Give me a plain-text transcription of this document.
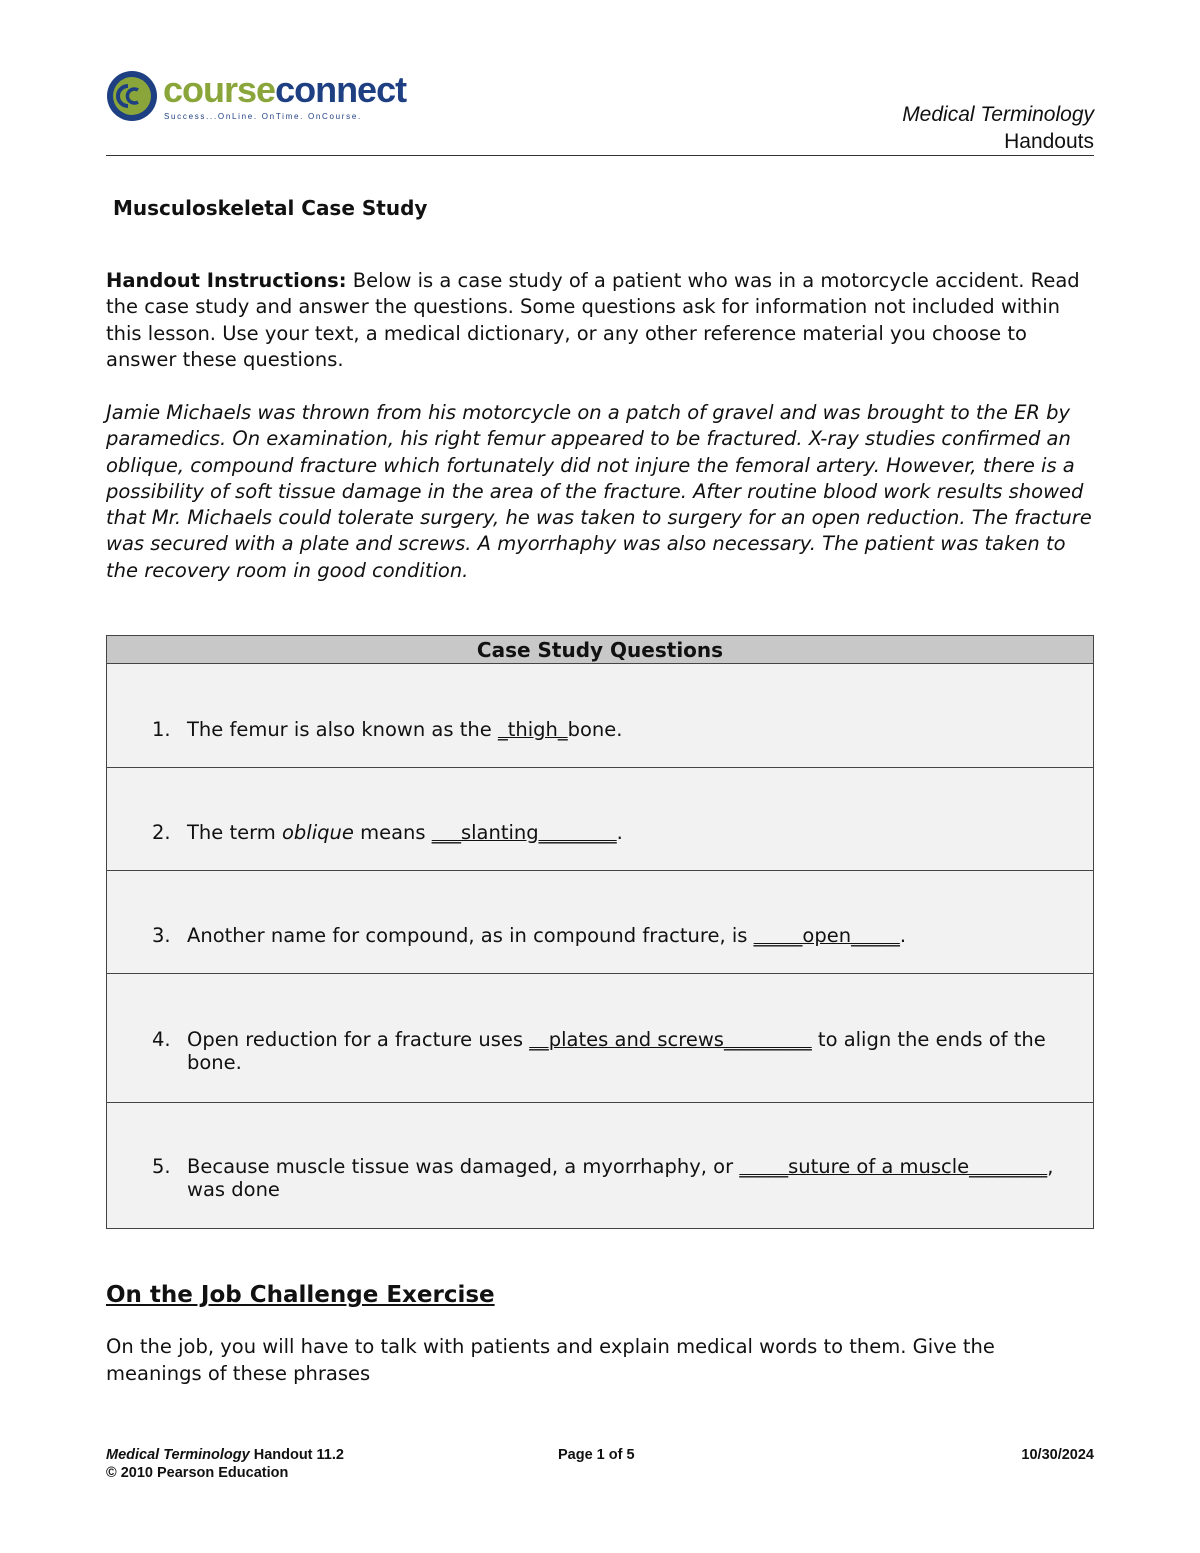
courseconnect
Success...OnLine. OnTime. OnCourse.	Medical Terminology
Handouts
Musculoskeletal Case Study
Handout Instructions: Below is a case study of a patient who was in a motorcycle accident. Read the case study and answer the questions. Some questions ask for information not included within this lesson. Use your text, a medical dictionary, or any other reference material you choose to answer these questions.
Jamie Michaels was thrown from his motorcycle on a patch of gravel and was brought to the ER by paramedics. On examination, his right femur appeared to be fractured. X-ray studies confirmed an oblique, compound fracture which fortunately did not injure the femoral artery. However, there is a possibility of soft tissue damage in the area of the fracture. After routine blood work results showed that Mr. Michaels could tolerate surgery, he was taken to surgery for an open reduction. The fracture was secured with a plate and screws. A myorrhaphy was also necessary. The patient was taken to the recovery room in good condition.
Case Study Questions
1. The femur is also known as the _thigh_bone.
2. The term oblique means ___slanting________.
3. Another name for compound, as in compound fracture, is _____open_____.
4. Open reduction for a fracture uses __plates and screws_________ to align the ends of the bone.
5. Because muscle tissue was damaged, a myorrhaphy, or _____suture of a muscle________, was done
On the Job Challenge Exercise
On the job, you will have to talk with patients and explain medical words to them. Give the meanings of these phrases
Medical Terminology Handout 11.2
© 2010 Pearson Education
Page 1 of 5	10/30/2024
